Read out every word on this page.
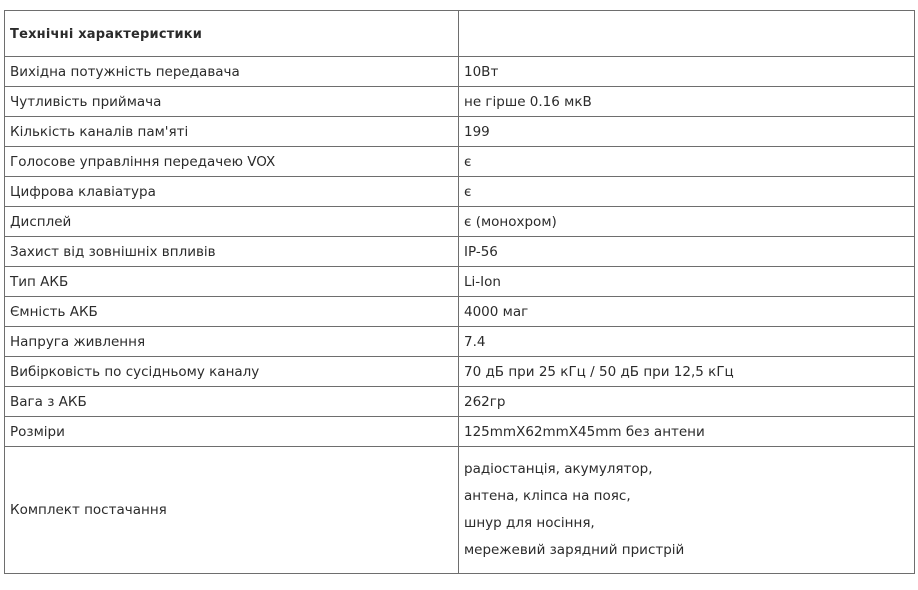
Технічні характеристики	
Вихідна потужність передавача	10Вт
Чутливість приймача	не гірше 0.16 мкВ
Кількість каналів пам'яті	199
Голосове управління передачею VOX	є
Цифрова клавіатура	є
Дисплей	є (монохром)
Захист від зовнішніх впливів	IP-56
Тип АКБ	Li-Ion
Ємність АКБ	4000 маг
Напруга живлення	7.4
Вибірковість по сусідньому каналу	70 дБ при 25 кГц / 50 дБ при 12,5 кГц
Вага з АКБ	262гр
Розміри	125mmX62mmX45mm без антени
Комплект постачання	радіостанція, акумулятор,
антена, кліпса на пояс,
шнур для носіння,
мережевий зарядний пристрій
